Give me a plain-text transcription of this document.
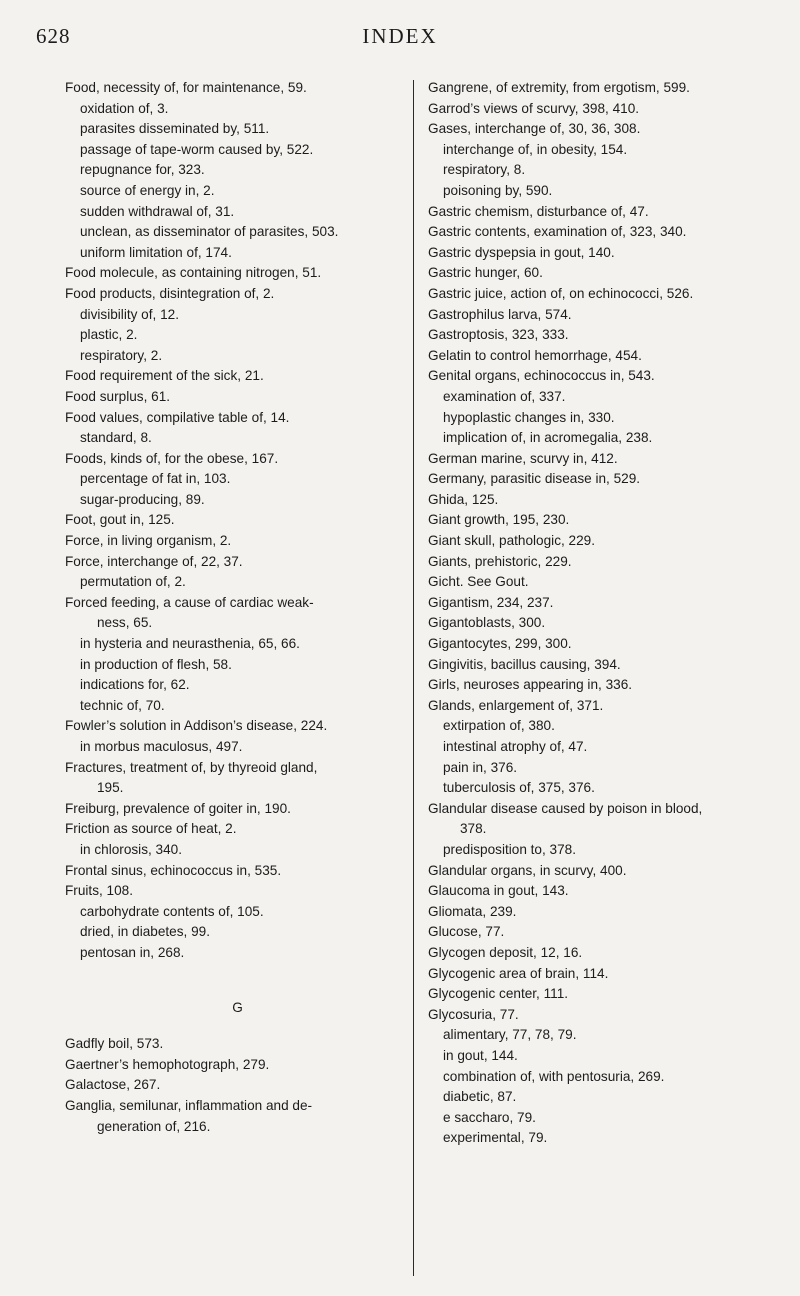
628	INDEX

Food, necessity of, for maintenance, 59.

oxidation of, 3.

parasites disseminated by, 511.

passage of tape-worm caused by, 522.

repugnance for, 323.

source of energy in, 2.

sudden withdrawal of, 31.

unclean, as disseminator of parasites, 503.

uniform limitation of, 174.

Food molecule, as containing nitrogen, 51.

Food products, disintegration of, 2.

divisibility of, 12.

plastic, 2.

respiratory, 2.

Food requirement of the sick, 21.

Food surplus, 61.

Food values, compilative table of, 14.

standard, 8.

Foods, kinds of, for the obese, 167.

percentage of fat in, 103.

sugar-producing, 89.

Foot, gout in, 125.

Force, in living organism, 2.

Force, interchange of, 22, 37.

permutation of, 2.

Forced feeding, a cause of cardiac weak-

ness, 65.

in hysteria and neurasthenia, 65, 66.

in production of flesh, 58.

indications for, 62.

technic of, 70.

Fowler’s solution in Addison’s disease, 224.

in morbus maculosus, 497.

Fractures, treatment of, by thyreoid gland,

195.

Freiburg, prevalence of goiter in, 190.

Friction as source of heat, 2.

in chlorosis, 340.

Frontal sinus, echinococcus in, 535.

Fruits, 108.

carbohydrate contents of, 105.

dried, in diabetes, 99.

pentosan in, 268.

G

Gadfly boil, 573.

Gaertner’s hemophotograph, 279.

Galactose, 267.

Ganglia, semilunar, inflammation and de-

generation of, 216.

Gangrene, of extremity, from ergotism, 599.

Garrod’s views of scurvy, 398, 410.

Gases, interchange of, 30, 36, 308.

interchange of, in obesity, 154.

respiratory, 8.

poisoning by, 590.

Gastric chemism, disturbance of, 47.

Gastric contents, examination of, 323, 340.

Gastric dyspepsia in gout, 140.

Gastric hunger, 60.

Gastric juice, action of, on echinococci, 526.

Gastrophilus larva, 574.

Gastroptosis, 323, 333.

Gelatin to control hemorrhage, 454.

Genital organs, echinococcus in, 543.

examination of, 337.

hypoplastic changes in, 330.

implication of, in acromegalia, 238.

German marine, scurvy in, 412.

Germany, parasitic disease in, 529.

Ghida, 125.

Giant growth, 195, 230.

Giant skull, pathologic, 229.

Giants, prehistoric, 229.

Gicht. See Gout.

Gigantism, 234, 237.

Gigantoblasts, 300.

Gigantocytes, 299, 300.

Gingivitis, bacillus causing, 394.

Girls, neuroses appearing in, 336.

Glands, enlargement of, 371.

extirpation of, 380.

intestinal atrophy of, 47.

pain in, 376.

tuberculosis of, 375, 376.

Glandular disease caused by poison in blood,

378.

predisposition to, 378.

Glandular organs, in scurvy, 400.

Glaucoma in gout, 143.

Gliomata, 239.

Glucose, 77.

Glycogen deposit, 12, 16.

Glycogenic area of brain, 114.

Glycogenic center, 111.

Glycosuria, 77.

alimentary, 77, 78, 79.

in gout, 144.

combination of, with pentosuria, 269.

diabetic, 87.

e saccharo, 79.

experimental, 79.
